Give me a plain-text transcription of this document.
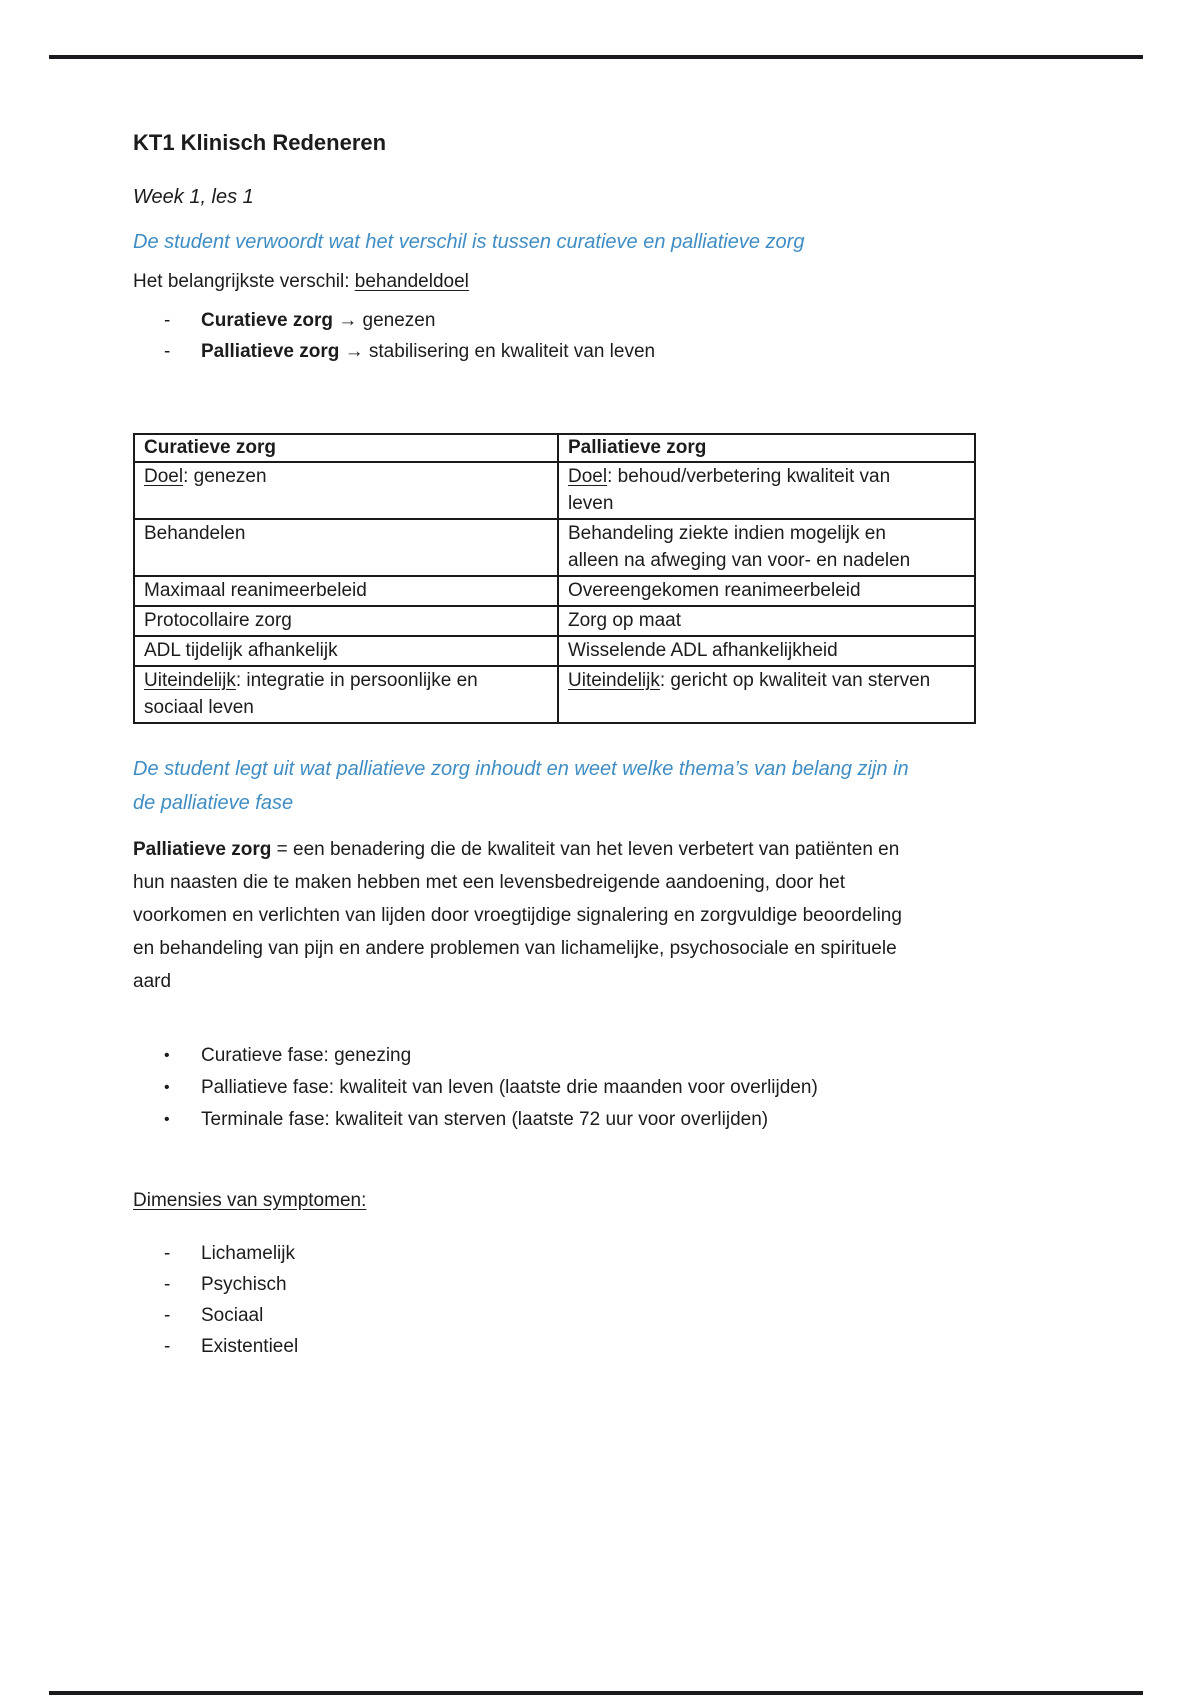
KT1 Klinisch Redeneren
Week 1, les 1
De student verwoordt wat het verschil is tussen curatieve en palliatieve zorg
Het belangrijkste verschil: behandeldoel
-	Curatieve zorg → genezen
-	Palliatieve zorg → stabilisering en kwaliteit van leven
Curatieve zorg	Palliatieve zorg
Doel: genezen	Doel: behoud/verbetering kwaliteit van
leven

Behandelen	Behandeling ziekte indien mogelijk en
alleen na afweging van voor- en nadelen

Maximaal reanimeerbeleid	Overeengekomen reanimeerbeleid
Protocollaire zorg	Zorg op maat
ADL tijdelijk afhankelijk	Wisselende ADL afhankelijkheid
Uiteindelijk: integratie in persoonlijke en
sociaal leven	Uiteindelijk: gericht op kwaliteit van sterven
De student legt uit wat palliatieve zorg inhoudt en weet welke thema’s van belang zijn in
de palliatieve fase
Palliatieve zorg = een benadering die de kwaliteit van het leven verbetert van patiënten en
hun naasten die te maken hebben met een levensbedreigende aandoening, door het
voorkomen en verlichten van lijden door vroegtijdige signalering en zorgvuldige beoordeling
en behandeling van pijn en andere problemen van lichamelijke, psychosociale en spirituele
aard
•	Curatieve fase: genezing
•	Palliatieve fase: kwaliteit van leven (laatste drie maanden voor overlijden)
•	Terminale fase: kwaliteit van sterven (laatste 72 uur voor overlijden)
Dimensies van symptomen:
-	Lichamelijk
-	Psychisch
-	Sociaal
-	Existentieel
